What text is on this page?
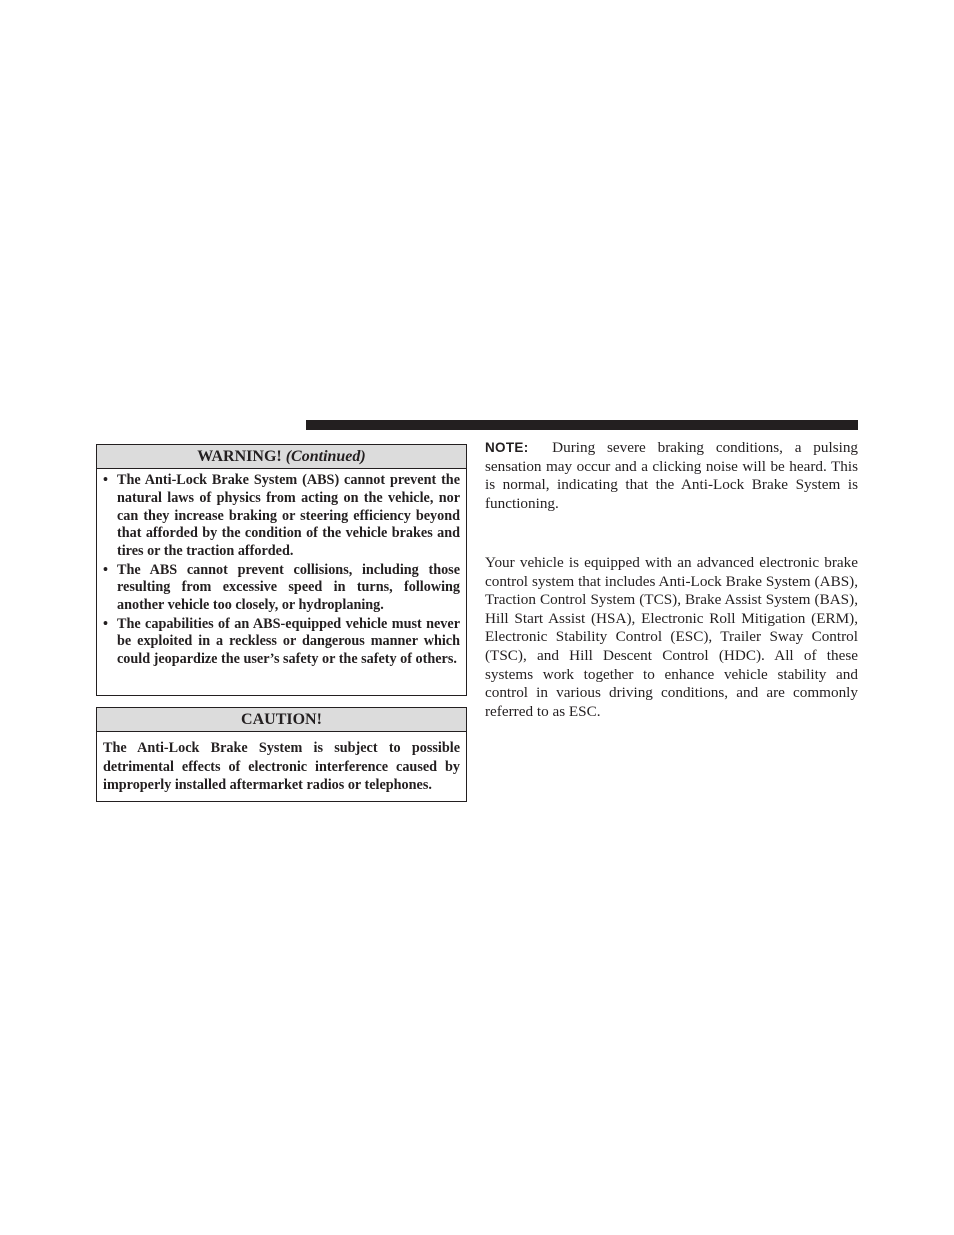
WARNING! (Continued)
• The Anti-Lock Brake System (ABS) cannot prevent the natural laws of physics from acting on the vehicle, nor can they increase braking or steering efficiency beyond that afforded by the condition of the vehicle brakes and tires or the traction afforded.
• The ABS cannot prevent collisions, including those resulting from excessive speed in turns, following another vehicle too closely, or hydroplaning.
• The capabilities of an ABS-equipped vehicle must never be exploited in a reckless or dangerous manner which could jeopardize the user’s safety or the safety of others.
CAUTION!
The Anti-Lock Brake System is subject to possible detrimental effects of electronic interference caused by improperly installed aftermarket radios or telephones.

NOTE: During severe braking conditions, a pulsing sensation may occur and a clicking noise will be heard. This is normal, indicating that the Anti-Lock Brake System is functioning.

Your vehicle is equipped with an advanced electronic brake control system that includes Anti-Lock Brake System (ABS), Traction Control System (TCS), Brake Assist System (BAS), Hill Start Assist (HSA), Electronic Roll Mitigation (ERM), Electronic Stability Control (ESC), Trailer Sway Control (TSC), and Hill Descent Control (HDC). All of these systems work together to enhance vehicle stability and control in various driving conditions, and are commonly referred to as ESC.
